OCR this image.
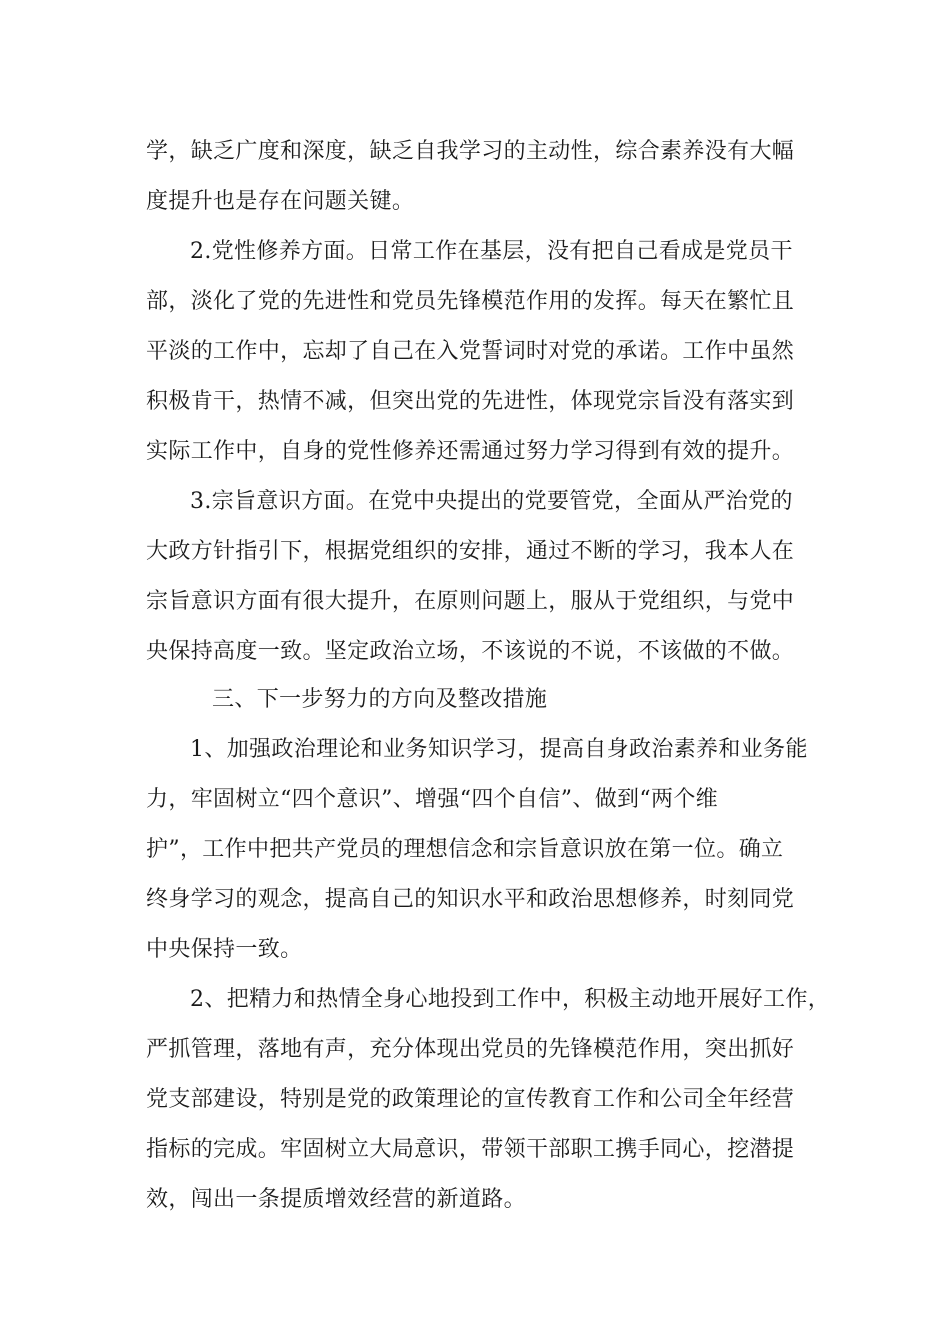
学，缺乏广度和深度，缺乏自我学习的主动性，综合素养没有大幅
度提升也是存在问题关键。
2.党性修养方面。日常工作在基层，没有把自己看成是党员干
部，淡化了党的先进性和党员先锋模范作用的发挥。每天在繁忙且
平淡的工作中，忘却了自己在入党誓词时对党的承诺。工作中虽然
积极肯干，热情不减，但突出党的先进性，体现党宗旨没有落实到
实际工作中，自身的党性修养还需通过努力学习得到有效的提升。
3.宗旨意识方面。在党中央提出的党要管党，全面从严治党的
大政方针指引下，根据党组织的安排，通过不断的学习，我本人在
宗旨意识方面有很大提升，在原则问题上，服从于党组织，与党中
央保持高度一致。坚定政治立场，不该说的不说，不该做的不做。
三、下一步努力的方向及整改措施
1、加强政治理论和业务知识学习，提高自身政治素养和业务能
力，牢固树立“四个意识”、增强“四个自信”、做到“两个维
护”，工作中把共产党员的理想信念和宗旨意识放在第一位。确立
终身学习的观念，提高自己的知识水平和政治思想修养，时刻同党
中央保持一致。
2、把精力和热情全身心地投到工作中，积极主动地开展好工作，
严抓管理，落地有声，充分体现出党员的先锋模范作用，突出抓好
党支部建设，特别是党的政策理论的宣传教育工作和公司全年经营
指标的完成。牢固树立大局意识，带领干部职工携手同心，挖潜提
效，闯出一条提质增效经营的新道路。
